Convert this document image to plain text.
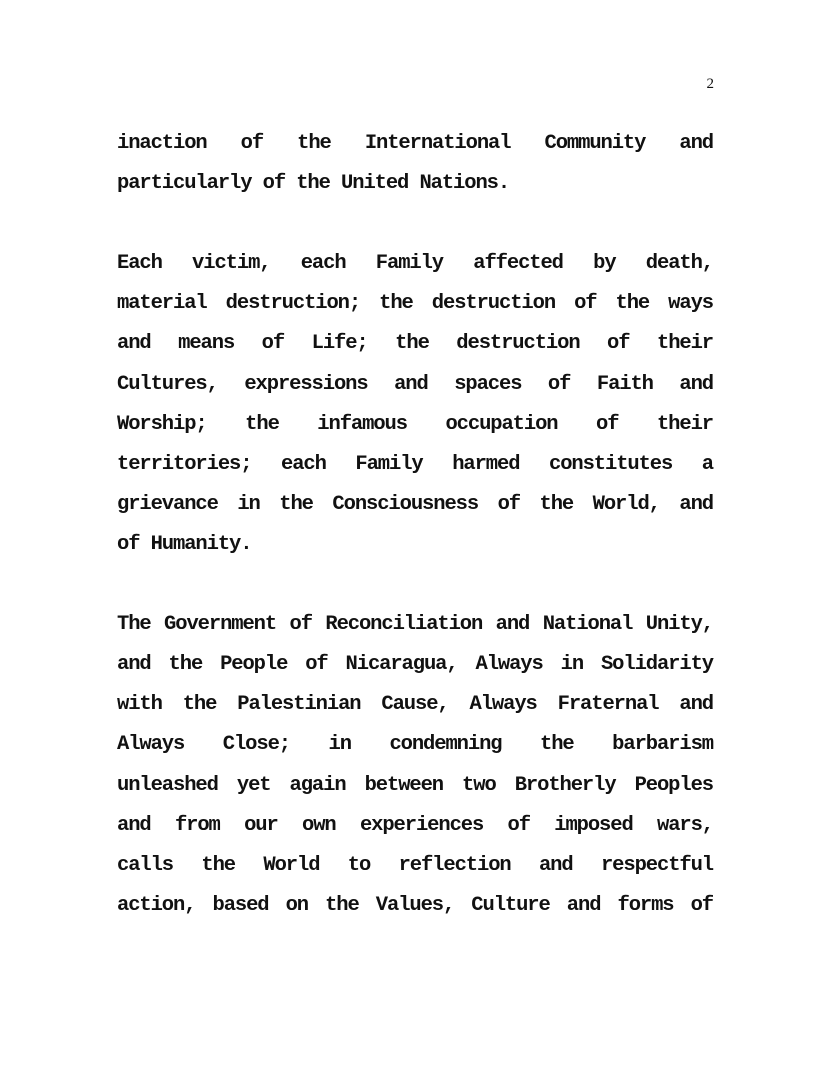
2

inaction of the International Community and
particularly of the United Nations.

Each victim, each Family affected by death,
material destruction; the destruction of the ways
and means of Life; the destruction of their
Cultures, expressions and spaces of Faith and
Worship; the infamous occupation of their
territories; each Family harmed constitutes a
grievance in the Consciousness of the World, and
of Humanity.

The Government of Reconciliation and National Unity,
and the People of Nicaragua, Always in Solidarity
with the Palestinian Cause, Always Fraternal and
Always Close; in condemning the barbarism
unleashed yet again between two Brotherly Peoples
and from our own experiences of imposed wars,
calls the World to reflection and respectful
action, based on the Values, Culture and forms of
